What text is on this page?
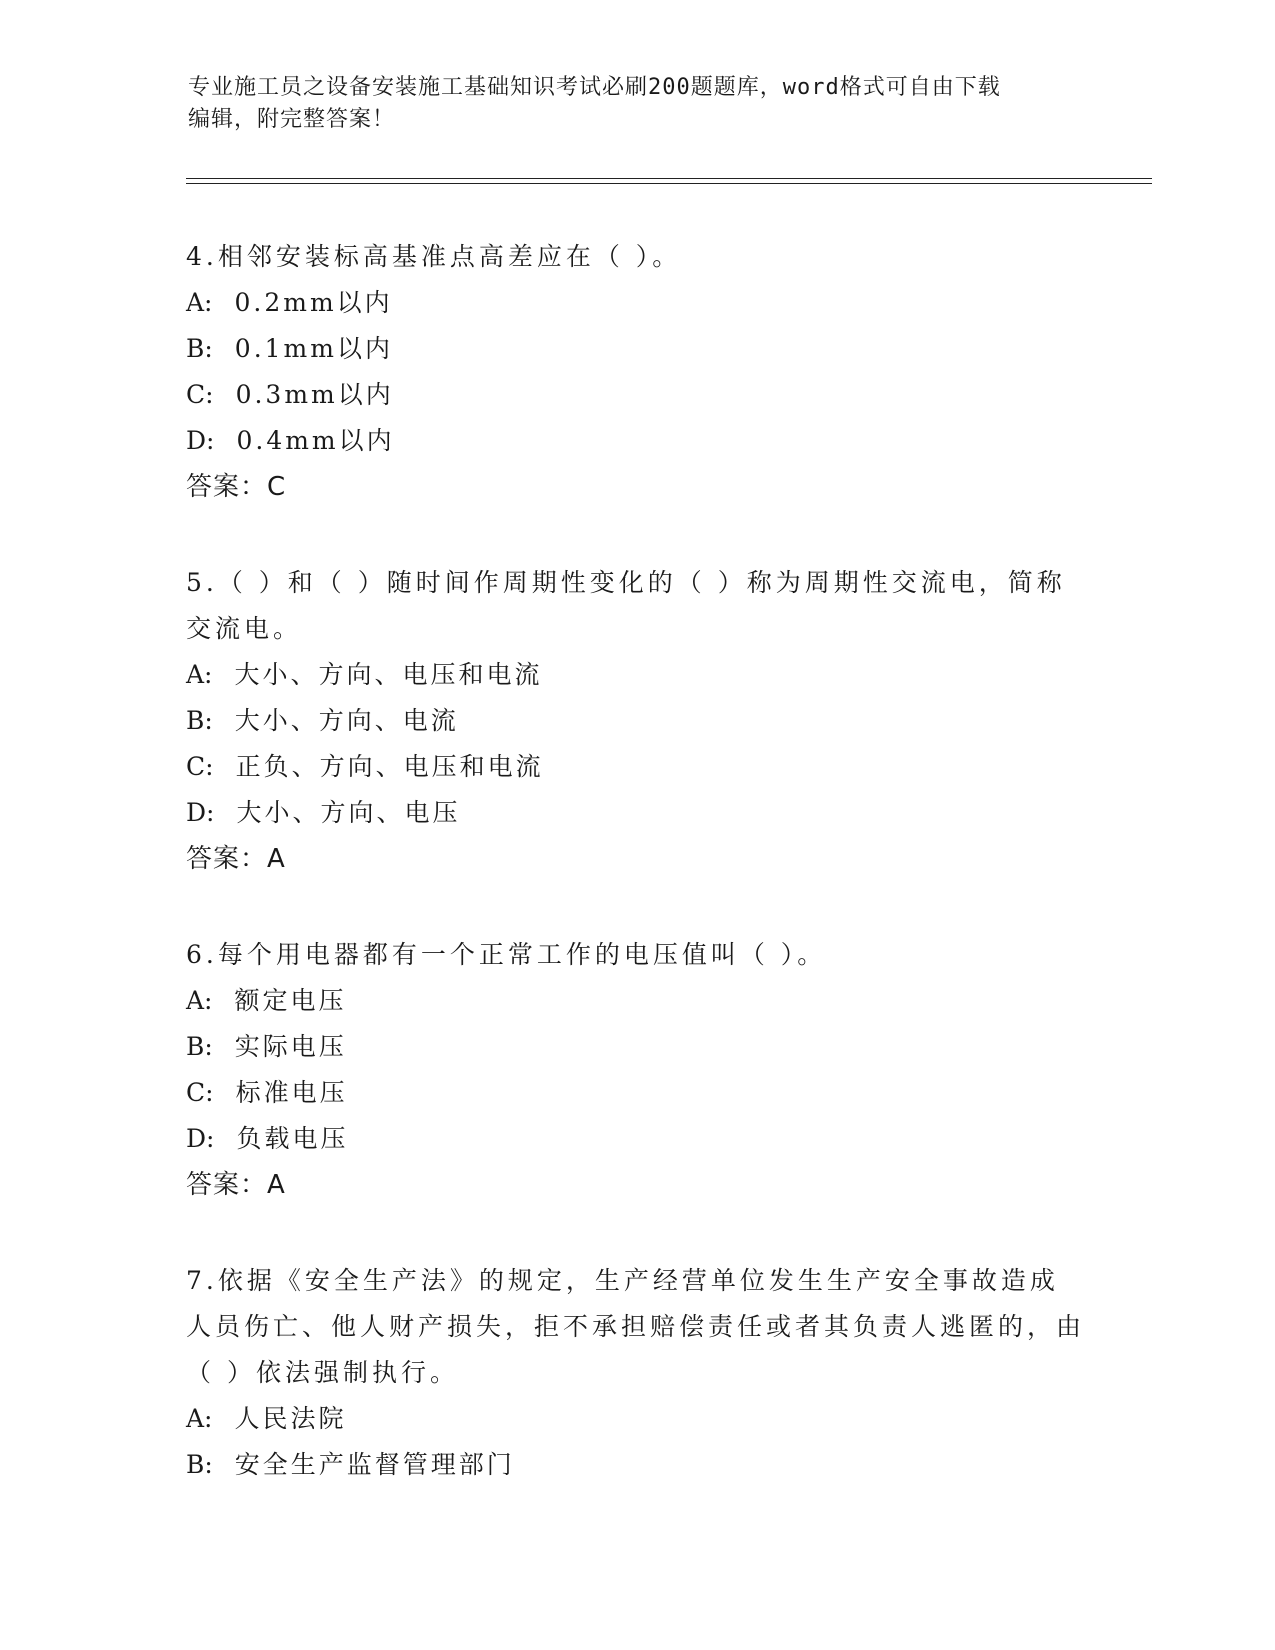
专业施工员之设备安装施工基础知识考试必刷200题题库，word格式可自由下载
编辑，附完整答案！

4.相邻安装标高基准点高差应在（ ）。

A: 0.2mm以内

B: 0.1mm以内

C: 0.3mm以内

D: 0.4mm以内

答案：C

5.（ ）和（ ）随时间作周期性变化的（ ）称为周期性交流电，简称交流电。

A: 大小、方向、电压和电流

B: 大小、方向、电流

C: 正负、方向、电压和电流

D: 大小、方向、电压

答案：A

6.每个用电器都有一个正常工作的电压值叫（ ）。

A: 额定电压

B: 实际电压

C: 标准电压

D: 负载电压

答案：A

7.依据《安全生产法》的规定，生产经营单位发生生产安全事故造成人员伤亡、他人财产损失，拒不承担赔偿责任或者其负责人逃匿的，由（ ）依法强制执行。

A: 人民法院

B: 安全生产监督管理部门
